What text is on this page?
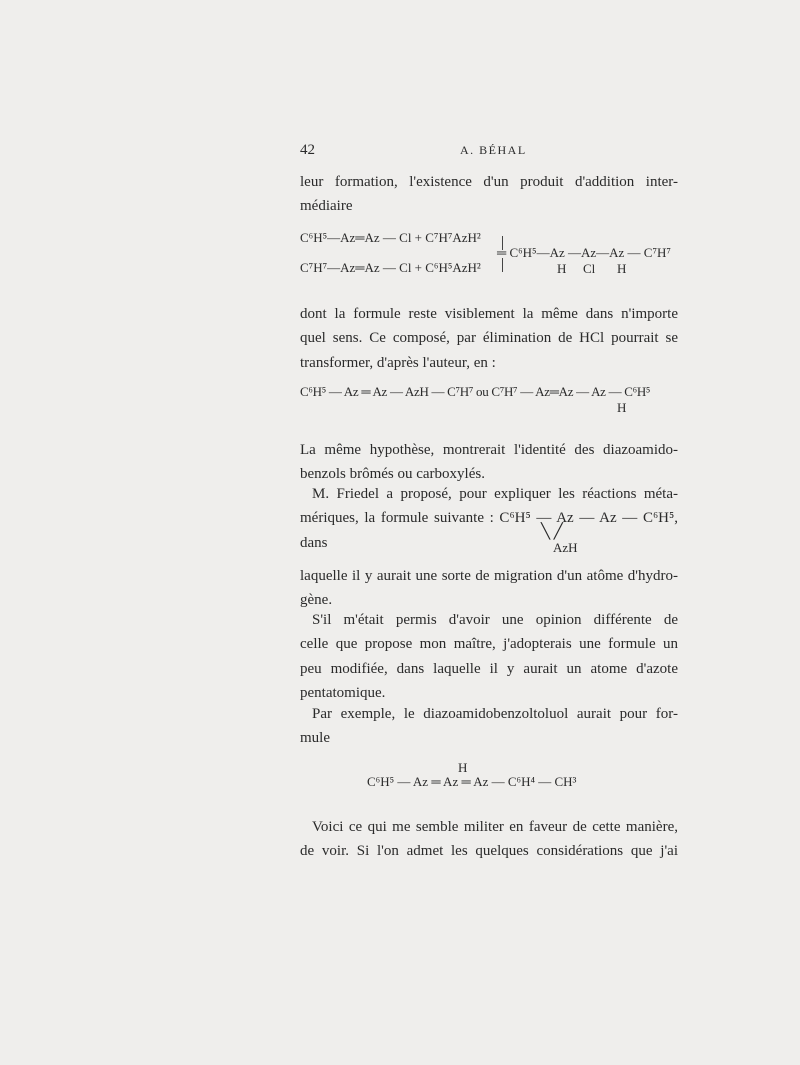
42	A. BÉHAL
leur formation, l'existence d'un produit d'addition inter-
médiaire
C⁶H⁵—Az═Az — Cl + C⁷H⁷AzH²
C⁷H⁷—Az═Az — Cl + C⁶H⁵AzH²
═ C⁶H⁵—Az —Az—Az — C⁷H⁷
H Cl H
dont la formule reste visiblement la même dans n'importe
quel sens. Ce composé, par élimination de HCl pourrait se
transformer, d'après l'auteur, en :
C⁶H⁵ — Az ═ Az — AzH — C⁷H⁷ ou C⁷H⁷ — Az═Az — Az — C⁶H⁵
H
La même hypothèse, montrerait l'identité des diazoamido-
benzols brômés ou carboxylés.
M. Friedel a proposé, pour expliquer les réactions méta-
mériques, la formule suivante : C⁶H⁵ — Az — Az — C⁶H⁵, dans
╲ ╱
AzH
laquelle il y aurait une sorte de migration d'un atôme d'hydro-
gène.
S'il m'était permis d'avoir une opinion différente de
celle que propose mon maître, j'adopterais une formule un
peu modifiée, dans laquelle il y aurait un atome d'azote
pentatomique.
Par exemple, le diazoamidobenzoltoluol aurait pour for-
mule
H
C⁶H⁵ — Az ═ Az ═ Az — C⁶H⁴ — CH³
Voici ce qui me semble militer en faveur de cette manière,
de voir. Si l'on admet les quelques considérations que j'ai
